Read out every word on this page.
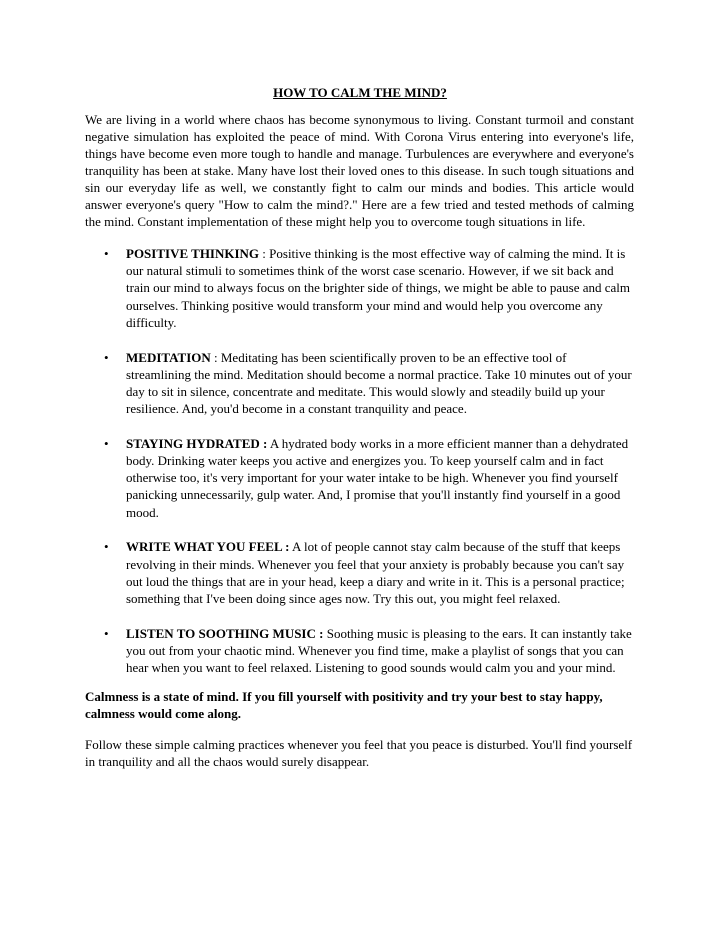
HOW TO CALM THE MIND?

We are living in a world where chaos has become synonymous to living. Constant turmoil and constant negative simulation has exploited the peace of mind. With Corona Virus entering into everyone's life, things have become even more tough to handle and manage. Turbulences are everywhere and everyone's tranquility has been at stake. Many have lost their loved ones to this disease. In such tough situations and sin our everyday life as well, we constantly fight to calm our minds and bodies. This article would answer everyone's query "How to calm the mind?." Here are a few tried and tested methods of calming the mind. Constant implementation of these might help you to overcome tough situations in life.

• POSITIVE THINKING : Positive thinking is the most effective way of calming the mind. It is our natural stimuli to sometimes think of the worst case scenario. However, if we sit back and train our mind to always focus on the brighter side of things, we might be able to pause and calm ourselves. Thinking positive would transform your mind and would help you overcome any difficulty.
• MEDITATION : Meditating has been scientifically proven to be an effective tool of streamlining the mind. Meditation should become a normal practice. Take 10 minutes out of your day to sit in silence, concentrate and meditate. This would slowly and steadily build up your resilience. And, you'd become in a constant tranquility and peace.
• STAYING HYDRATED : A hydrated body works in a more efficient manner than a dehydrated body. Drinking water keeps you active and energizes you. To keep yourself calm and in fact otherwise too, it's very important for your water intake to be high. Whenever you find yourself panicking unnecessarily, gulp water. And, I promise that you'll instantly find yourself in a good mood.
• WRITE WHAT YOU FEEL : A lot of people cannot stay calm because of the stuff that keeps revolving in their minds. Whenever you feel that your anxiety is probably because you can't say out loud the things that are in your head, keep a diary and write in it. This is a personal practice; something that I've been doing since ages now. Try this out, you might feel relaxed.
• LISTEN TO SOOTHING MUSIC : Soothing music is pleasing to the ears. It can instantly take you out from your chaotic mind. Whenever you find time, make a playlist of songs that you can hear when you want to feel relaxed. Listening to good sounds would calm you and your mind.

Calmness is a state of mind. If you fill yourself with positivity and try your best to stay happy, calmness would come along.

Follow these simple calming practices whenever you feel that you peace is disturbed. You'll find yourself in tranquility and all the chaos would surely disappear.
